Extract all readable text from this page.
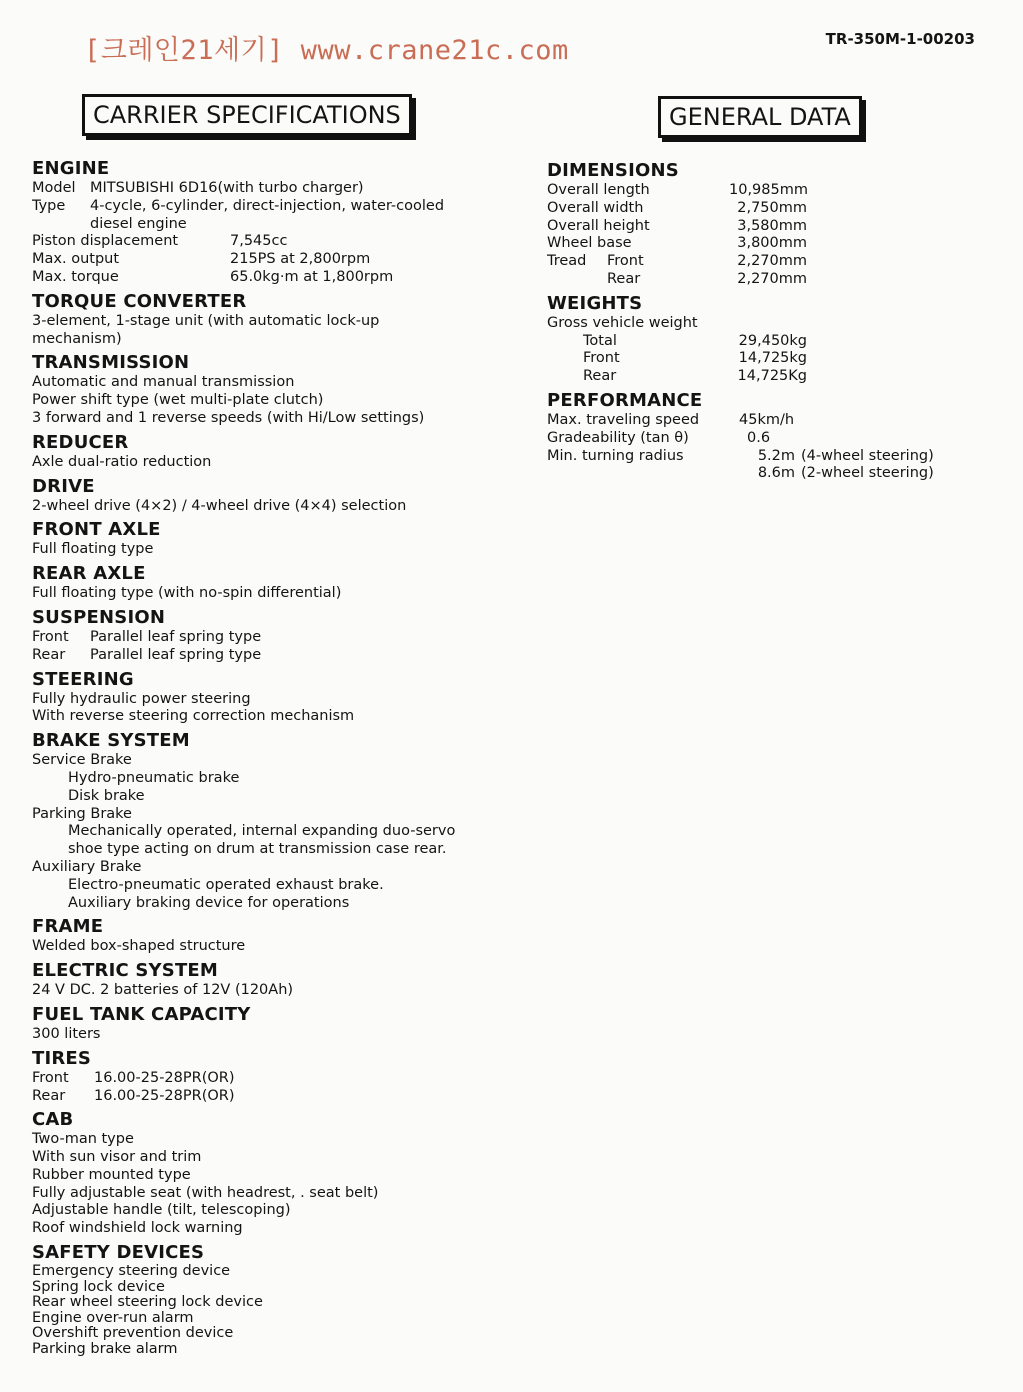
[크레인21세기] www.crane21c.com	TR-350M-1-00203
CARRIER SPECIFICATIONS	GENERAL DATA
ENGINE
Model MITSUBISHI 6D16(with turbo charger)
Type	4-cycle, 6-cylinder, direct-injection, water-cooled
diesel engine
Piston displacement	7,545cc
Max. output	215PS at 2,800rpm
Max. torque	65.0kg·m at 1,800rpm
TORQUE CONVERTER
3-element, 1-stage unit (with automatic lock-up
mechanism)
TRANSMISSION
Automatic and manual transmission
Power shift type (wet multi-plate clutch)
3 forward and 1 reverse speeds (with Hi/Low settings)
REDUCER
Axle dual-ratio reduction
DRIVE
2-wheel drive (4×2) / 4-wheel drive (4×4) selection
FRONT AXLE
Full floating type
REAR AXLE
Full floating type (with no-spin differential)
SUSPENSION
Front	Parallel leaf spring type
Rear	Parallel leaf spring type
STEERING
Fully hydraulic power steering
With reverse steering correction mechanism
BRAKE SYSTEM
Service Brake
Hydro-pneumatic brake
Disk brake
Parking Brake
Mechanically operated, internal expanding duo-servo
shoe type acting on drum at transmission case rear.
Auxiliary Brake
Electro-pneumatic operated exhaust brake.
Auxiliary braking device for operations
FRAME
Welded box-shaped structure
ELECTRIC SYSTEM
24 V DC. 2 batteries of 12V (120Ah)
FUEL TANK CAPACITY
300 liters
TIRES
Front	16.00-25-28PR(OR)
Rear	16.00-25-28PR(OR)
CAB
Two-man type
With sun visor and trim
Rubber mounted type
Fully adjustable seat (with headrest, . seat belt)
Adjustable handle (tilt, telescoping)
Roof windshield lock warning
SAFETY DEVICES
Emergency steering device
Spring lock device
Rear wheel steering lock device
Engine over-run alarm
Overshift prevention device
Parking brake alarm
DIMENSIONS
Overall length	10,985mm
Overall width	2,750mm
Overall height	3,580mm
Wheel base	3,800mm
Tread	Front	2,270mm
Rear	2,270mm
WEIGHTS
Gross vehicle weight
Total	29,450kg
Front	14,725kg
Rear	14,725Kg
PERFORMANCE
Max. traveling speed	45km/h
Gradeability (tan θ)	0.6
Min. turning radius	5.2m (4-wheel steering)
8.6m (2-wheel steering)
